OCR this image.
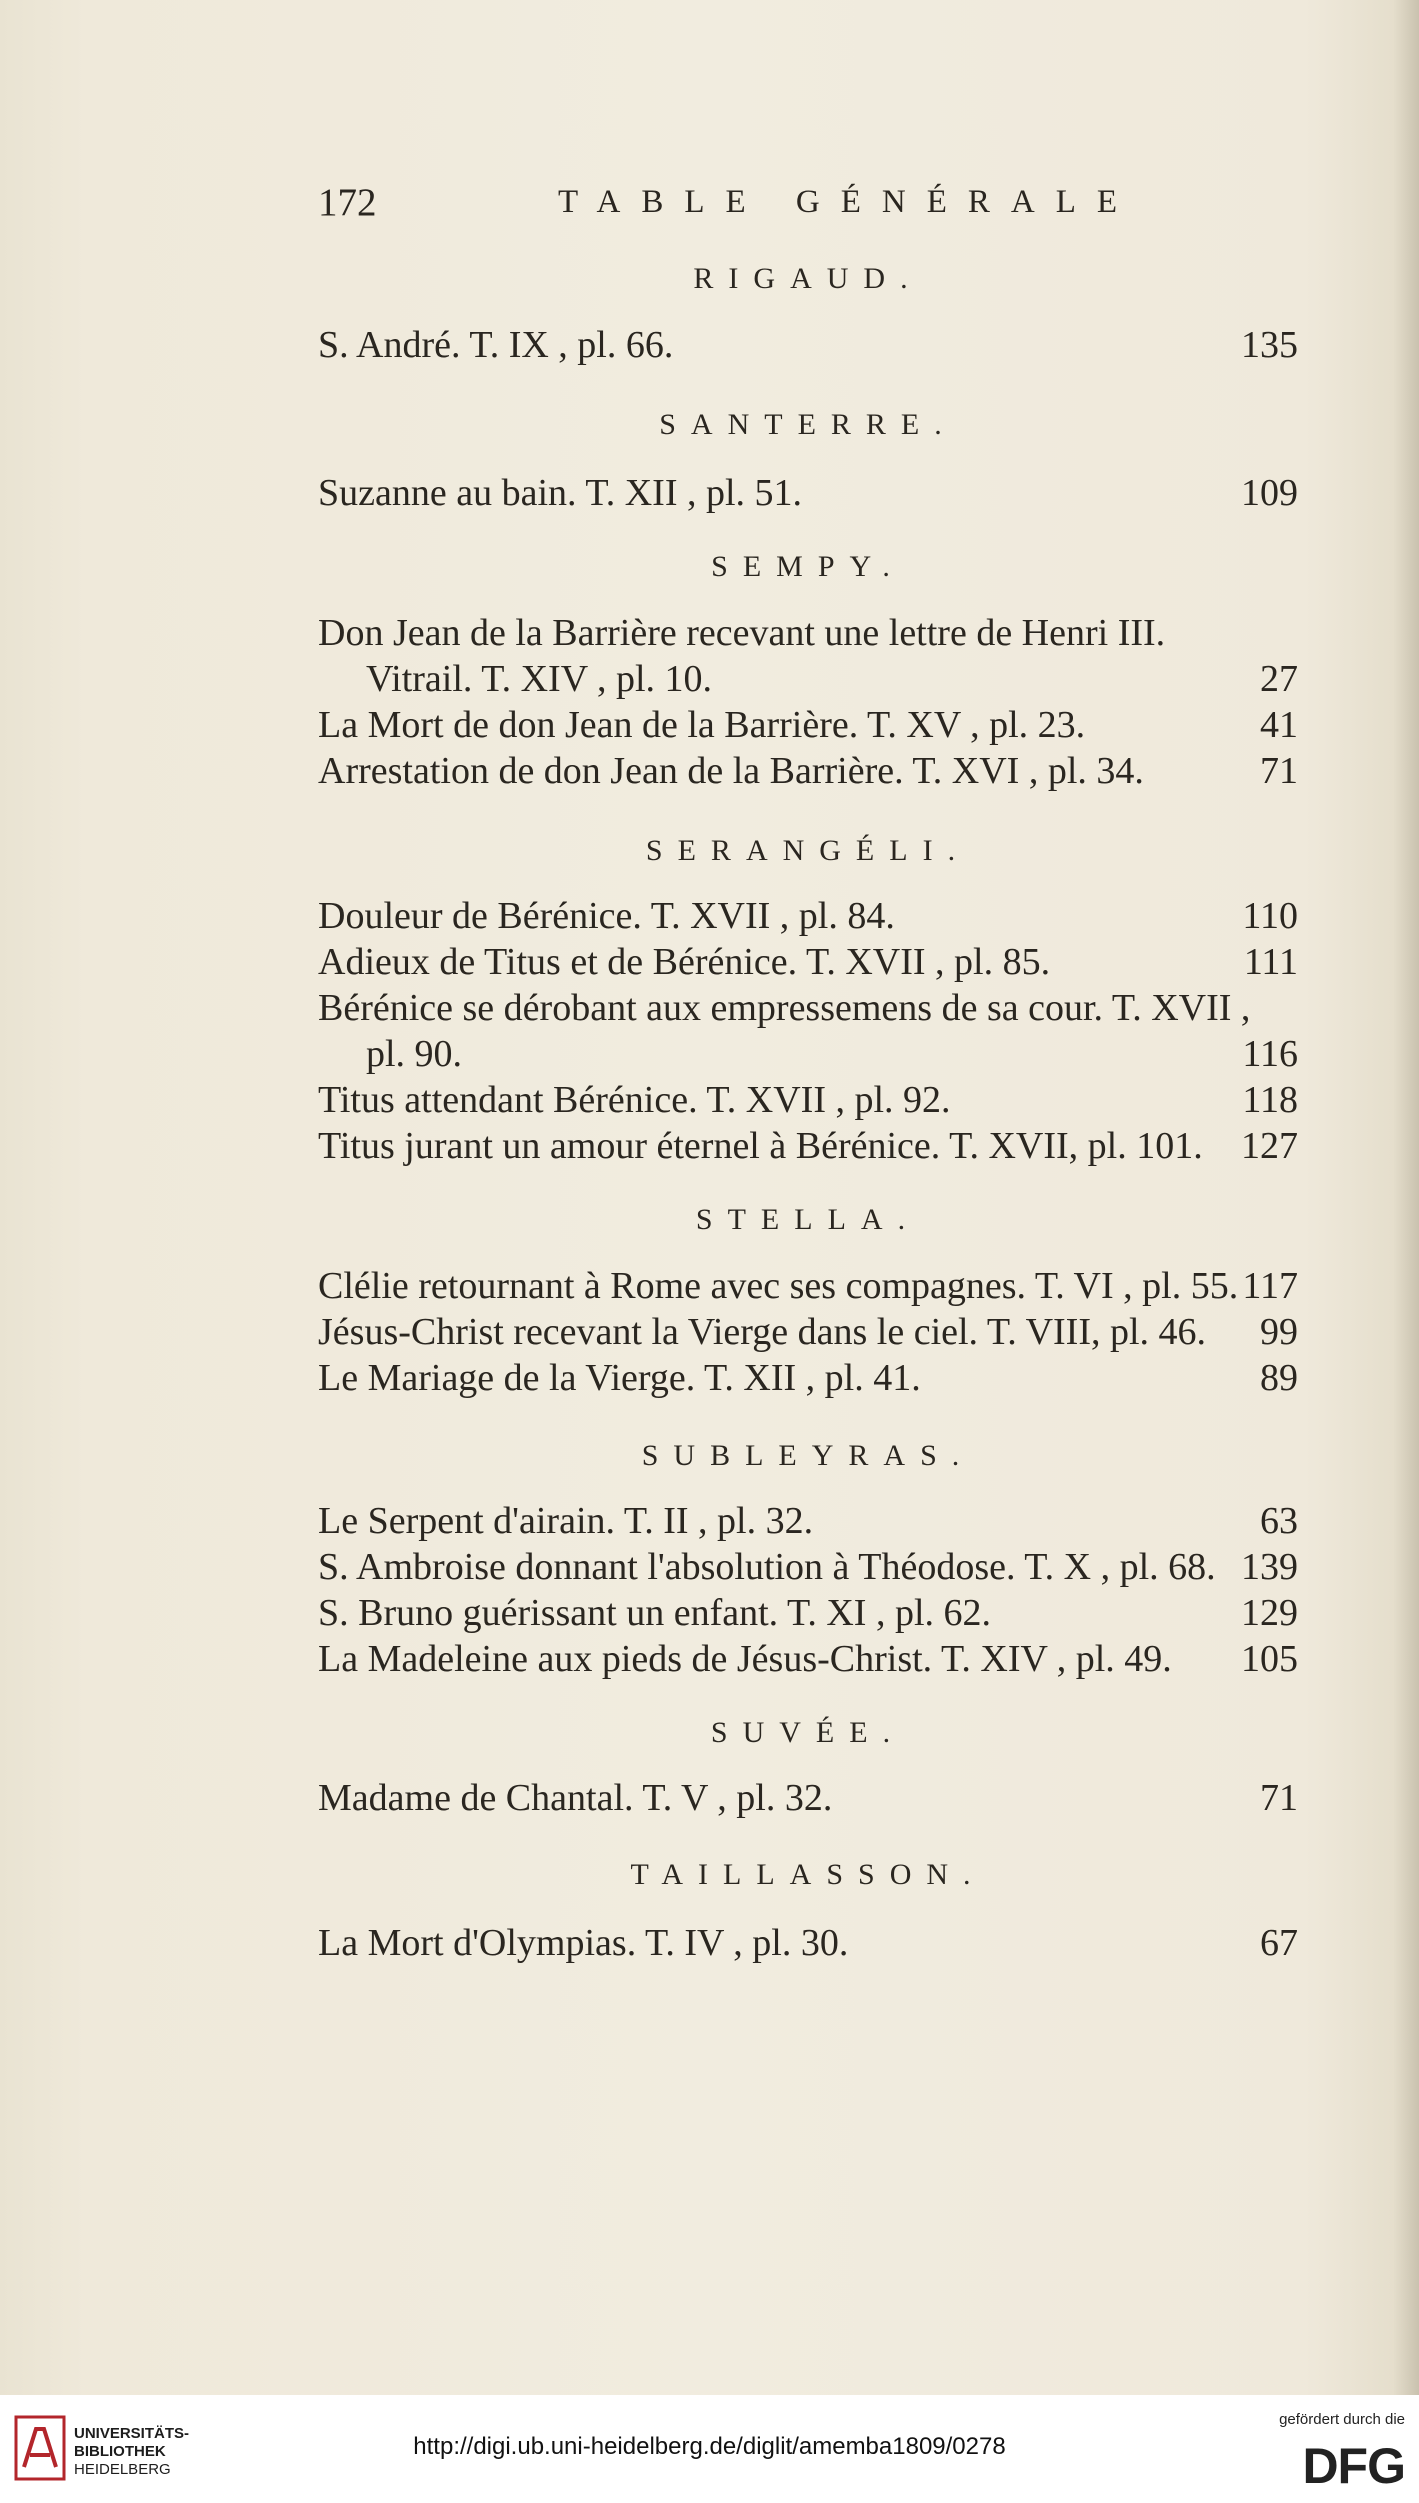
172	TABLE GÉNÉRALE
RIGAUD.
S. André. T. IX , pl. 66.	135
SANTERRE.
Suzanne au bain. T. XII , pl. 51.	109
SEMPY.
Don Jean de la Barrière recevant une lettre de Henri III.
Vitrail. T. XIV , pl. 10.	27
La Mort de don Jean de la Barrière. T. XV , pl. 23.	41
Arrestation de don Jean de la Barrière. T. XVI , pl. 34.	71
SERANGÉLI.
Douleur de Bérénice. T. XVII , pl. 84.	110
Adieux de Titus et de Bérénice. T. XVII , pl. 85.	111
Bérénice se dérobant aux empressemens de sa cour. T. XVII ,
pl. 90.	116
Titus attendant Bérénice. T. XVII , pl. 92.	118
Titus jurant un amour éternel à Bérénice. T. XVII, pl. 101. 127
STELLA.
Clélie retournant à Rome avec ses compagnes. T. VI , pl. 55. 117
Jésus-Christ recevant la Vierge dans le ciel. T. VIII, pl. 46. 99
Le Mariage de la Vierge. T. XII , pl. 41.	89
SUBLEYRAS.
Le Serpent d'airain. T. II , pl. 32.	63
S. Ambroise donnant l'absolution à Théodose. T. X , pl. 68. 139
S. Bruno guérissant un enfant. T. XI , pl. 62.	129
La Madeleine aux pieds de Jésus-Christ. T. XIV , pl. 49. 105
SUVÉE.
Madame de Chantal. T. V , pl. 32.	71
TAILLASSON.
La Mort d'Olympias. T. IV , pl. 30.	67
UNIVERSITÄTS-
BIBLIOTHEK
HEIDELBERG
http://digi.ub.uni-heidelberg.de/diglit/amemba1809/0278
gefördert durch die
DFG
